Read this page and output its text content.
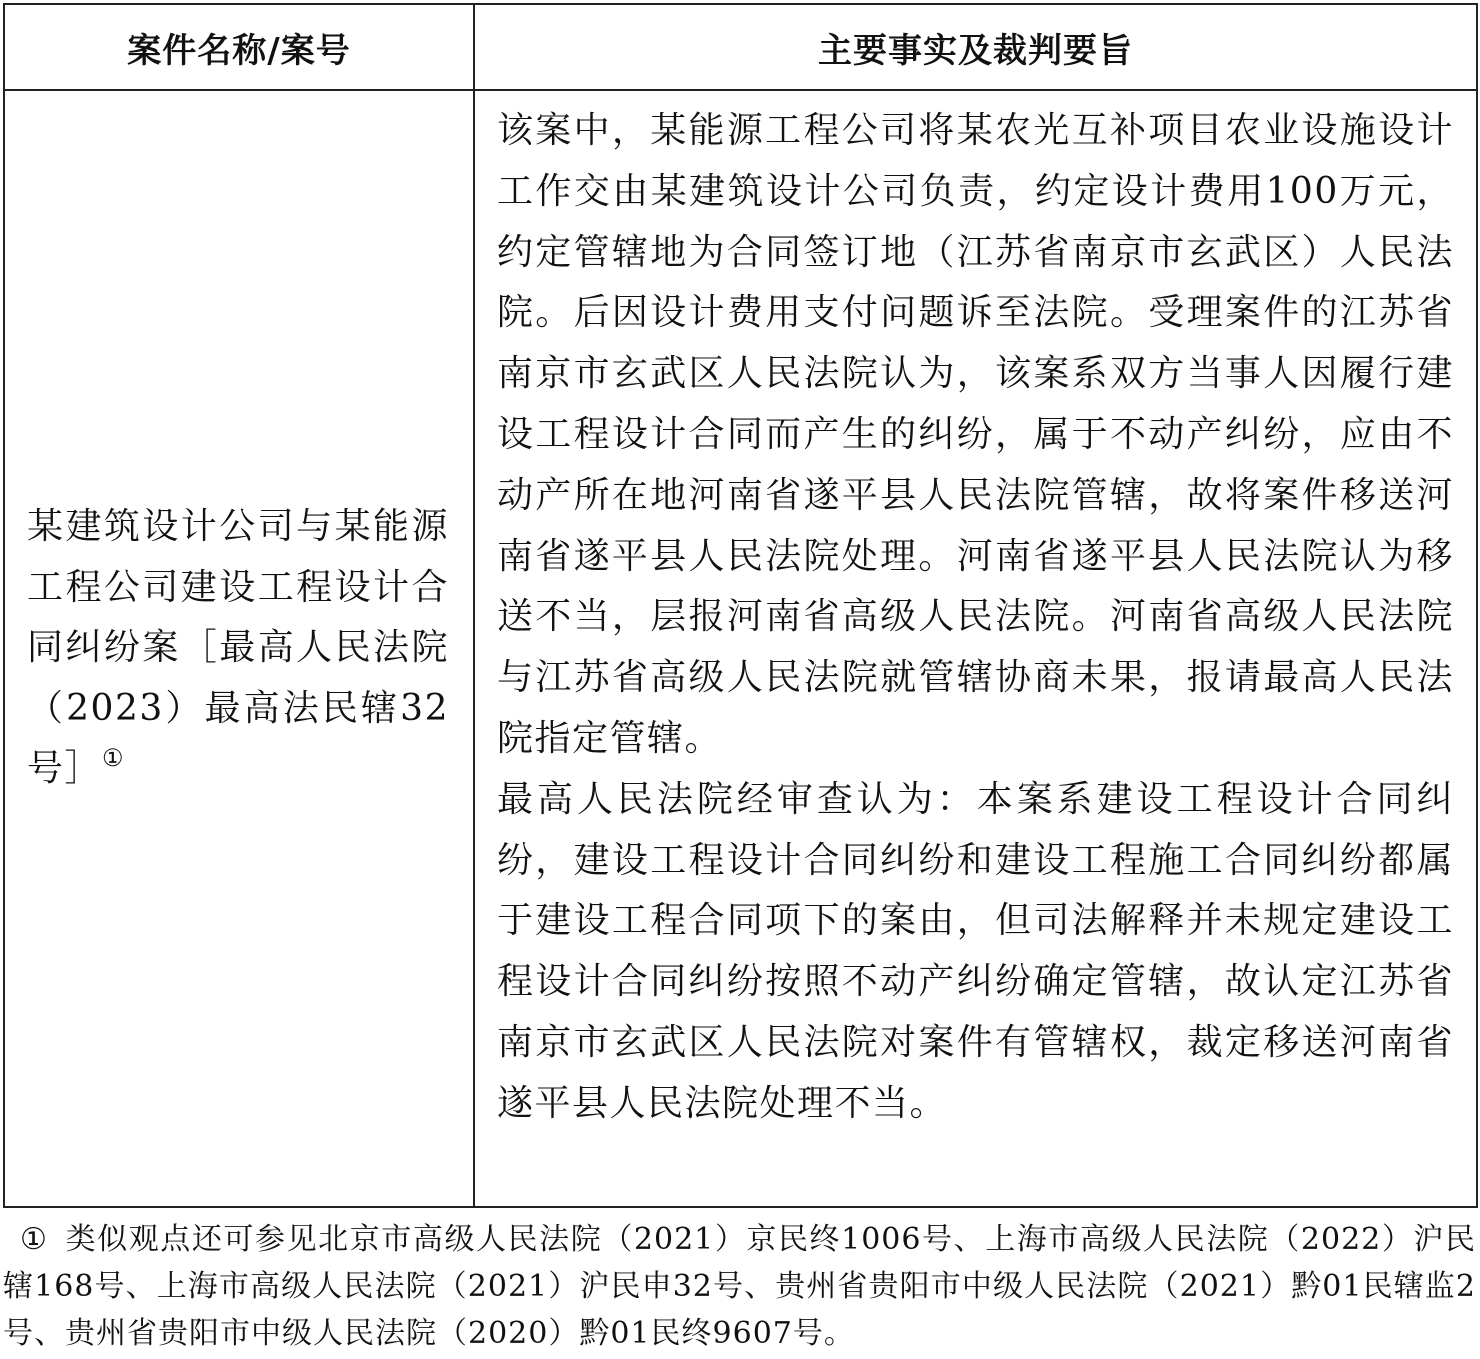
案件名称/案号	主要事实及裁判要旨
某建筑设计公司与某能源工程公司建设工程设计合同纠纷案［最高人民法院（2023）最高法民辖32号］①	该案中，某能源工程公司将某农光互补项目农业设施设计工作交由某建筑设计公司负责，约定设计费用100万元，约定管辖地为合同签订地（江苏省南京市玄武区）人民法院。后因设计费用支付问题诉至法院。受理案件的江苏省南京市玄武区人民法院认为，该案系双方当事人因履行建设工程设计合同而产生的纠纷，属于不动产纠纷，应由不动产所在地河南省遂平县人民法院管辖，故将案件移送河南省遂平县人民法院处理。河南省遂平县人民法院认为移送不当，层报河南省高级人民法院。河南省高级人民法院与江苏省高级人民法院就管辖协商未果，报请最高人民法院指定管辖。

最高人民法院经审查认为：本案系建设工程设计合同纠纷，建设工程设计合同纠纷和建设工程施工合同纠纷都属于建设工程合同项下的案由，但司法解释并未规定建设工程设计合同纠纷按照不动产纠纷确定管辖，故认定江苏省南京市玄武区人民法院对案件有管辖权，裁定移送河南省遂平县人民法院处理不当。

① 类似观点还可参见北京市高级人民法院（2021）京民终1006号、上海市高级人民法院（2022）沪民辖168号、上海市高级人民法院（2021）沪民申32号、贵州省贵阳市中级人民法院（2021）黔01民辖监2号、贵州省贵阳市中级人民法院（2020）黔01民终9607号。
